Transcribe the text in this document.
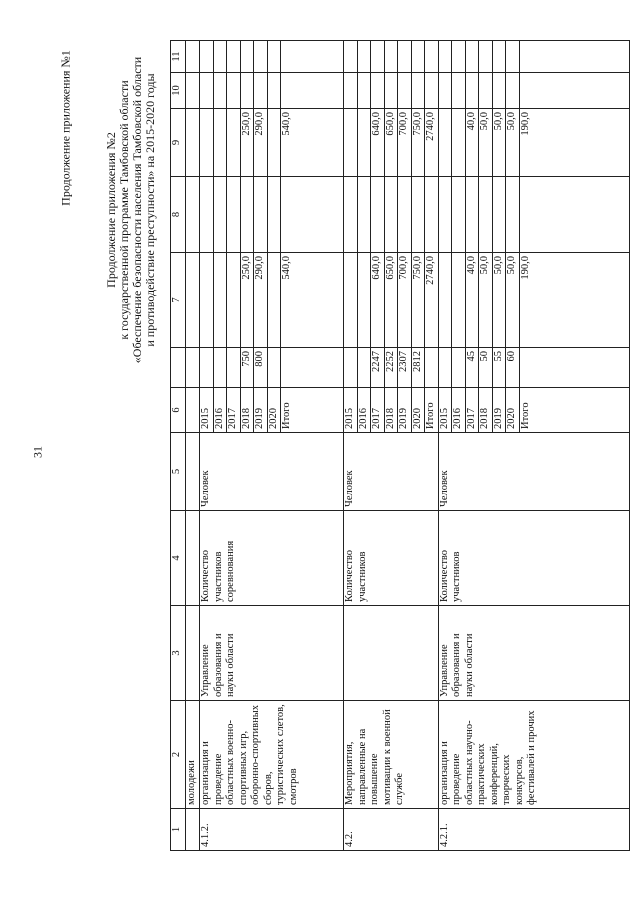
31
Продолжение приложения №1
Продолжение приложения №2 к государственной программе Тамбовской области «Обеспечение безопасности населения Тамбовской области и противодействие преступности» на 2015-2020 годы
1	2	3	4	5	6		7	8	9	10	11
	молодежи										
4.1.2.	организация и проведение областных военно-спортивных игр, оборонно-спортивных сборов, туристических слетов, смотров	Управление образования и науки области	Количество участников соревнования	Человек	2015						
					2016						
					2017						
					2018	750	250,0		250,0		
					2019	800	290,0		290,0		
					2020						
					Итого		540,0		540,0		
4.2.	Мероприятия, направленные на повышение мотивации к военной службе		Количество участников	Человек	2015						
					2016						
					2017	2247	640,0		640,0		
					2018	2252	650,0		650,0		
					2019	2307	700,0		700,0		
					2020	2812	750,0		750,0		
					Итого		2740,0		2740,0		
4.2.1.	организация и проведение областных научно-практических конференций, творческих конкурсов, фестивалей и прочих	Управление образования и науки области	Количество участников	Человек	2015						
					2016						
					2017	45	40,0		40,0		
					2018	50	50,0		50,0		
					2019	55	50,0		50,0		
					2020	60	50,0		50,0		
					Итого		190,0		190,0		
